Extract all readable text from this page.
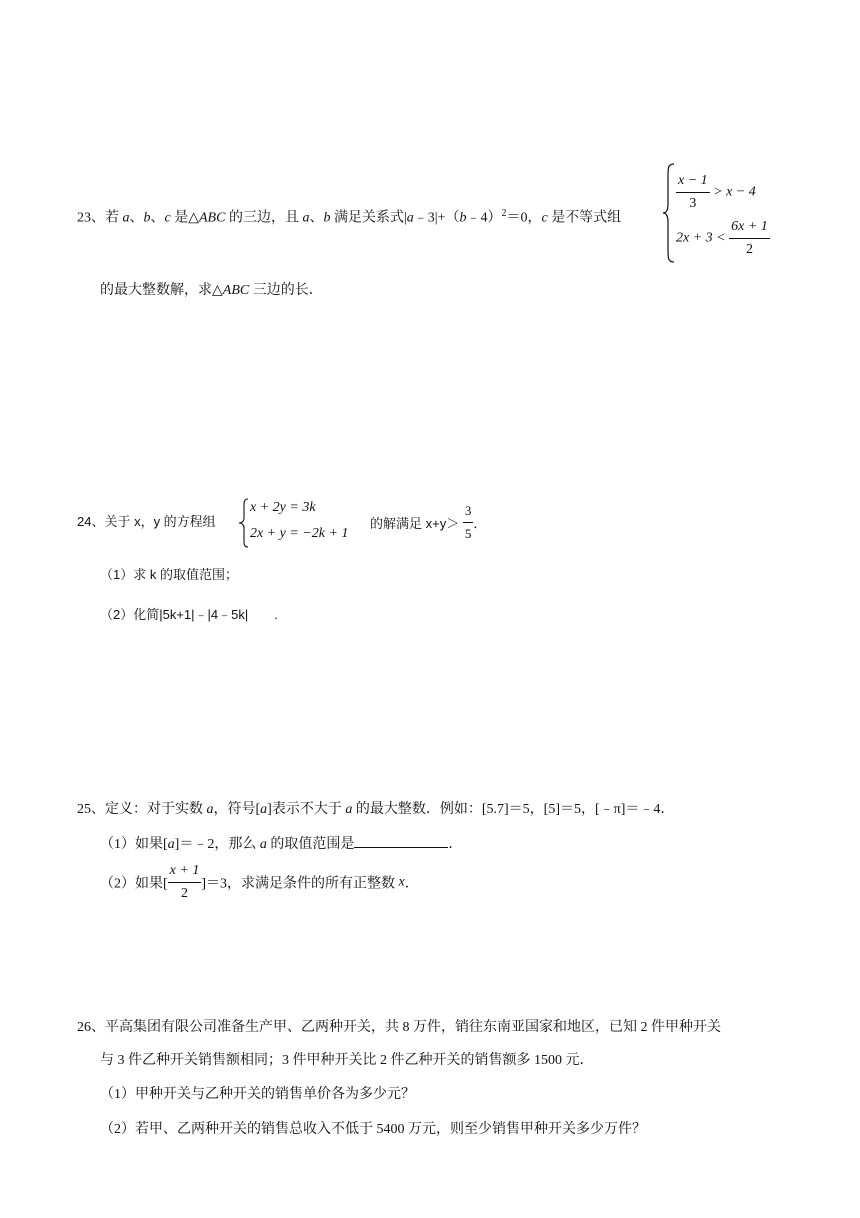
23、若 a、b、c 是△ABC 的三边，且 a、b 满足关系式|a﹣3|+（b﹣4）$^2$＝0，c 是不等式组
$\frac{x - 1}{3} > x - 4$
$2x + 3 < \frac{6x + 1}{2}$
的最大整数解，求△ABC 三边的长．
24、关于 x，y 的方程组
x + 2y = 3k
2x + y = −2k + 1
的解满足 $x+y> \frac{3}{5}$ ．
（1）求 k 的取值范围；
（2）化简|5k+1|﹣|4﹣5k|　　.
25、定义：对于实数 a，符号[a]表示不大于 a 的最大整数．例如：[5.7]＝5，[5]＝5，[﹣π]＝﹣4．
（1）如果[a]＝﹣2，那么 a 的取值范围是	．
（2）如果[ $\frac{x + 1}{2} ]=3$，求满足条件的所有正整数 x．
26、平高集团有限公司准备生产甲、乙两种开关，共 8 万件，销往东南亚国家和地区，已知 2 件甲种开关
与 3 件乙种开关销售额相同；3 件甲种开关比 2 件乙种开关的销售额多 1500 元．
（1）甲种开关与乙种开关的销售单价各为多少元？
（2）若甲、乙两种开关的销售总收入不低于 5400 万元，则至少销售甲种开关多少万件？
